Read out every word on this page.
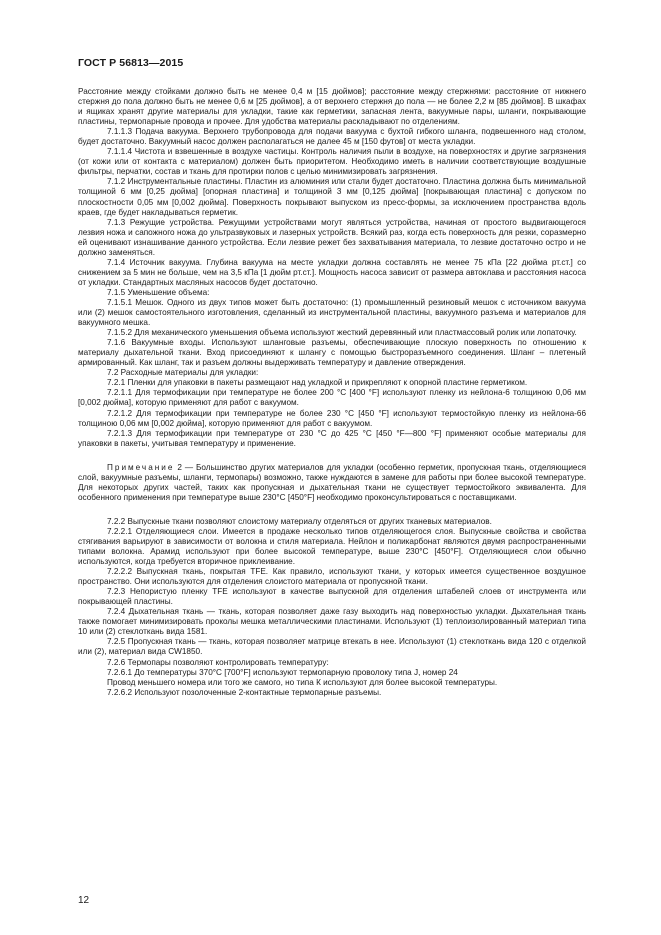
ГОСТ Р 56813—2015

Расстояние между стойками должно быть не менее 0,4 м [15 дюймов]; расстояние между стержнями: расстояние от нижнего стержня до пола должно быть не менее 0,6 м [25 дюймов], а от верхнего стержня до пола — не более 2,2 м [85 дюймов]. В шкафах и ящиках хранят другие материалы для укладки, такие как герметики, запасная лента, вакуумные пары, шланги, покрывающие пластины, термопарные провода и прочее. Для удобства материалы раскладывают по отделениям.

7.1.1.3 Подача вакуума. Верхнего трубопровода для подачи вакуума с бухтой гибкого шланга, подвешенного над столом, будет достаточно. Вакуумный насос должен располагаться не далее 45 м [150 футов] от места укладки.

7.1.1.4 Чистота и взвешенные в воздухе частицы. Контроль наличия пыли в воздухе, на поверхностях и другие загрязнения (от кожи или от контакта с материалом) должен быть приоритетом. Необходимо иметь в наличии соответствующие воздушные фильтры, перчатки, состав и ткань для протирки полов с целью минимизировать загрязнения.

7.1.2 Инструментальные пластины. Пластин из алюминия или стали будет достаточно. Пластина должна быть минимальной толщиной 6 мм [0,25 дюйма] [опорная пластина] и толщиной 3 мм [0,125 дюйма] [покрывающая пластина] с допуском по плоскостности 0,05 мм [0,002 дюйма]. Поверхность покрывают выпуском из пресс-формы, за исключением пространства вдоль краев, где будет накладываться герметик.

7.1.3 Режущие устройства. Режущими устройствами могут являться устройства, начиная от простого выдвигающегося лезвия ножа и сапожного ножа до ультразвуковых и лазерных устройств. Всякий раз, когда есть поверхность для резки, соразмерно ей оценивают изнашивание данного устройства. Если лезвие режет без захватывания материала, то лезвие достаточно остро и не должно заменяться.

7.1.4 Источник вакуума. Глубина вакуума на месте укладки должна составлять не менее 75 кПа [22 дюйма рт.ст.] со снижением за 5 мин не больше, чем на 3,5 кПа [1 дюйм рт.ст.]. Мощность насоса зависит от размера автоклава и расстояния насоса от укладки. Стандартных масляных насосов будет достаточно.

7.1.5 Уменьшение объема:

7.1.5.1 Мешок. Одного из двух типов может быть достаточно: (1) промышленный резиновый мешок с источником вакуума или (2) мешок самостоятельного изготовления, сделанный из инструментальной пластины, вакуумного разъема и материалов для вакуумного мешка.

7.1.5.2 Для механического уменьшения объема используют жесткий деревянный или пластмассовый ролик или лопаточку.

7.1.6 Вакуумные входы. Используют шланговые разъемы, обеспечивающие плоскую поверхность по отношению к материалу дыхательной ткани. Вход присоединяют к шлангу с помощью быстроразъемного соединения. Шланг – плетеный армированный. Как шланг, так и разъем должны выдерживать температуру и давление отверждения.

7.2 Расходные материалы для укладки:

7.2.1 Пленки для упаковки в пакеты размещают над укладкой и прикрепляют к опорной пластине герметиком.

7.2.1.1 Для термофикации при температуре не более 200 °С [400 °F] используют пленку из нейлона-6 толщиною 0,06 мм [0,002 дюйма], которую применяют для работ с вакуумом.

7.2.1.2 Для термофикации при температуре не более 230 °С [450 °F] используют термостойкую пленку из нейлона-66 толщиною 0,06 мм [0,002 дюйма], которую применяют для работ с вакуумом.

7.2.1.3 Для термофикации при температуре от 230 °С до 425 °С [450 °F—800 °F] применяют особые материалы для упаковки в пакеты, учитывая температуру и применение.

Примечание 2 — Большинство других материалов для укладки (особенно герметик, пропускная ткань, отделяющиеся слой, вакуумные разъемы, шланги, термопары) возможно, также нуждаются в замене для работы при более высокой температуре. Для некоторых других частей, таких как пропускная и дыхательная ткани не существует термостойкого эквивалента. Для особенного применения при температуре выше 230°С [450°F] необходимо проконсультироваться с поставщиками.

7.2.2 Выпускные ткани позволяют слоистому материалу отделяться от других тканевых материалов.

7.2.2.1 Отделяющиеся слои. Имеется в продаже несколько типов отделяющегося слоя. Выпускные свойства и свойства стягивания варьируют в зависимости от волокна и стиля материала. Нейлон и поликарбонат являются двумя распространенными типами волокна. Арамид используют при более высокой температуре, выше 230°С [450°F]. Отделяющиеся слои обычно используются, когда требуется вторичное приклеивание.

7.2.2.2 Выпускная ткань, покрытая TFE. Как правило, используют ткани, у которых имеется существенное воздушное пространство. Они используются для отделения слоистого материала от пропускной ткани.

7.2.3 Непористую пленку TFE используют в качестве выпускной для отделения штабелей слоев от инструмента или покрывающей пластины.

7.2.4 Дыхательная ткань — ткань, которая позволяет даже газу выходить над поверхностью укладки. Дыхательная ткань также помогает минимизировать проколы мешка металлическими пластинами. Используют (1) теплоизолированный материал типа 10 или (2) стеклоткань вида 1581.

7.2.5 Пропускная ткань — ткань, которая позволяет матрице втекать в нее. Используют (1) стеклоткань вида 120 с отделкой или (2), материал вида CW1850.

7.2.6 Термопары позволяют контролировать температуру:

7.2.6.1 До температуры 370°С [700°F] используют термопарную проволоку типа J, номер 24

Провод меньшего номера или того же самого, но типа К используют для более высокой температуры.

7.2.6.2 Используют позолоченные 2-контактные термопарные разъемы.

12
